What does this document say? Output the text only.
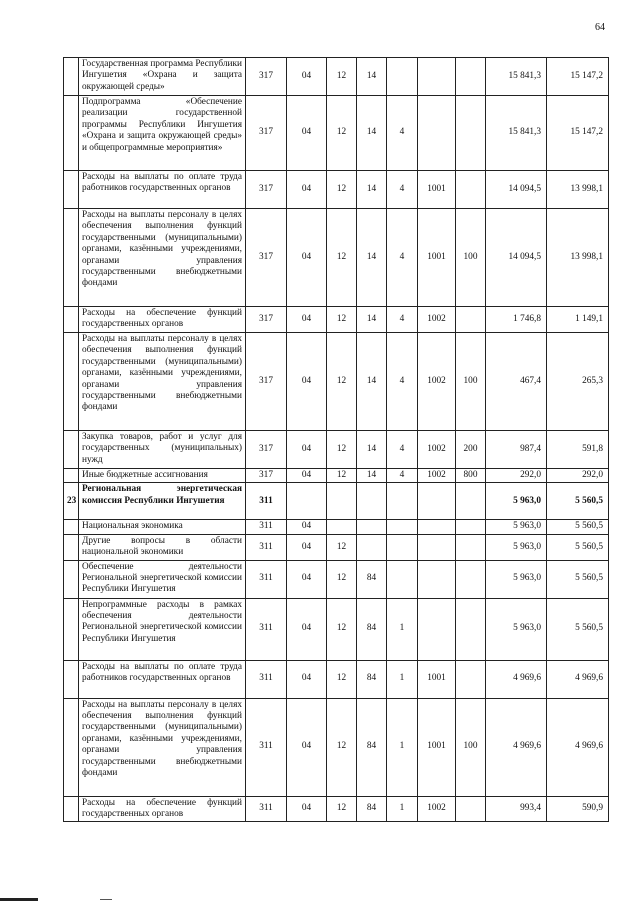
64
	Государственная программа Республики Ингушетия «Охрана и защита окружающей среды»	317	04	12	14				15 841,3	15 147,2
	Подпрограмма «Обеспечение реализации государственной программы Республики Ингушетия «Охрана и защита окружающей среды» и общепрограммные мероприятия»	317	04	12	14	4			15 841,3	15 147,2
	Расходы на выплаты по оплате труда работников государственных органов	317	04	12	14	4	1001		14 094,5	13 998,1
	Расходы на выплаты персоналу в целях обеспечения выполнения функций государственными (муниципальными) органами, казёнными учреждениями, органами управления государственными внебюджетными фондами	317	04	12	14	4	1001	100	14 094,5	13 998,1
	Расходы на обеспечение функций государственных органов	317	04	12	14	4	1002		1 746,8	1 149,1
	Расходы на выплаты персоналу в целях обеспечения выполнения функций государственными (муниципальными) органами, казёнными учреждениями, органами управления государственными внебюджетными фондами	317	04	12	14	4	1002	100	467,4	265,3
	Закупка товаров, работ и услуг для государственных (муниципальных) нужд	317	04	12	14	4	1002	200	987,4	591,8
	Иные бюджетные ассигнования	317	04	12	14	4	1002	800	292,0	292,0
23	Региональная энергетическая комиссия Республики Ингушетия	311							5 963,0	5 560,5
	Национальная экономика	311	04						5 963,0	5 560,5
	Другие вопросы в области национальной экономики	311	04	12					5 963,0	5 560,5
	Обеспечение деятельности Региональной энергетической комиссии Республики Ингушетия	311	04	12	84				5 963,0	5 560,5
	Непрограммные расходы в рамках обеспечения деятельности Региональной энергетической комиссии Республики Ингушетия	311	04	12	84	1			5 963,0	5 560,5
	Расходы на выплаты по оплате труда работников государственных органов	311	04	12	84	1	1001		4 969,6	4 969,6
	Расходы на выплаты персоналу в целях обеспечения выполнения функций государственными (муниципальными) органами, казёнными учреждениями, органами управления государственными внебюджетными фондами	311	04	12	84	1	1001	100	4 969,6	4 969,6
	Расходы на обеспечение функций государственных органов	311	04	12	84	1	1002		993,4	590,9
